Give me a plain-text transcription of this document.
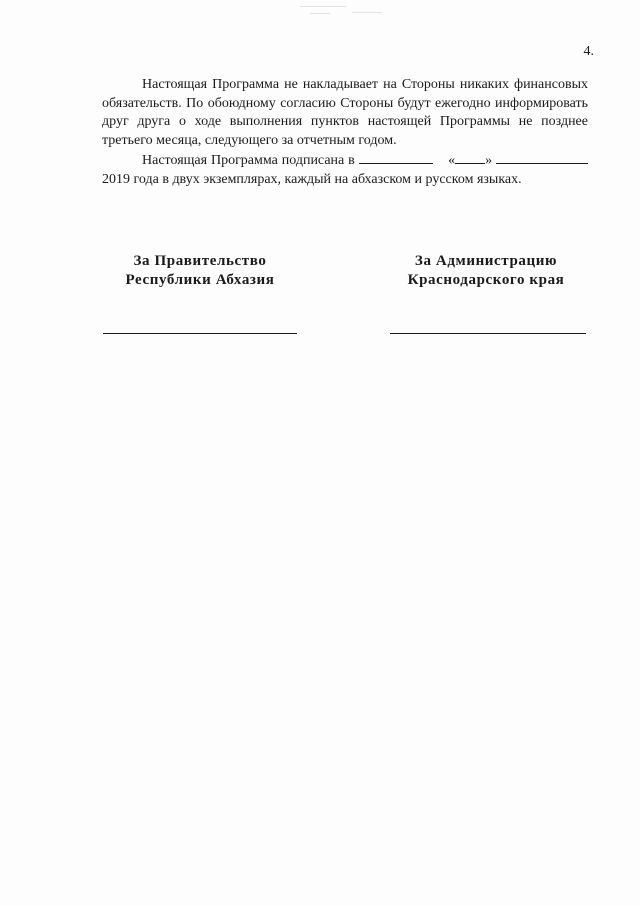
4.

Настоящая Программа не накладывает на Стороны никаких финансовых обязательств. По обоюдному согласию Стороны будут ежегодно информировать друг друга о ходе выполнения пунктов настоящей Программы не позднее третьего месяца, следующего за отчетным годом.

Настоящая Программа подписана в	« » 2019 года в двух экземплярах, каждый на абхазском и русском языках.

За Правительство
Республики Абхазия
За Администрацию
Краснодарского края
